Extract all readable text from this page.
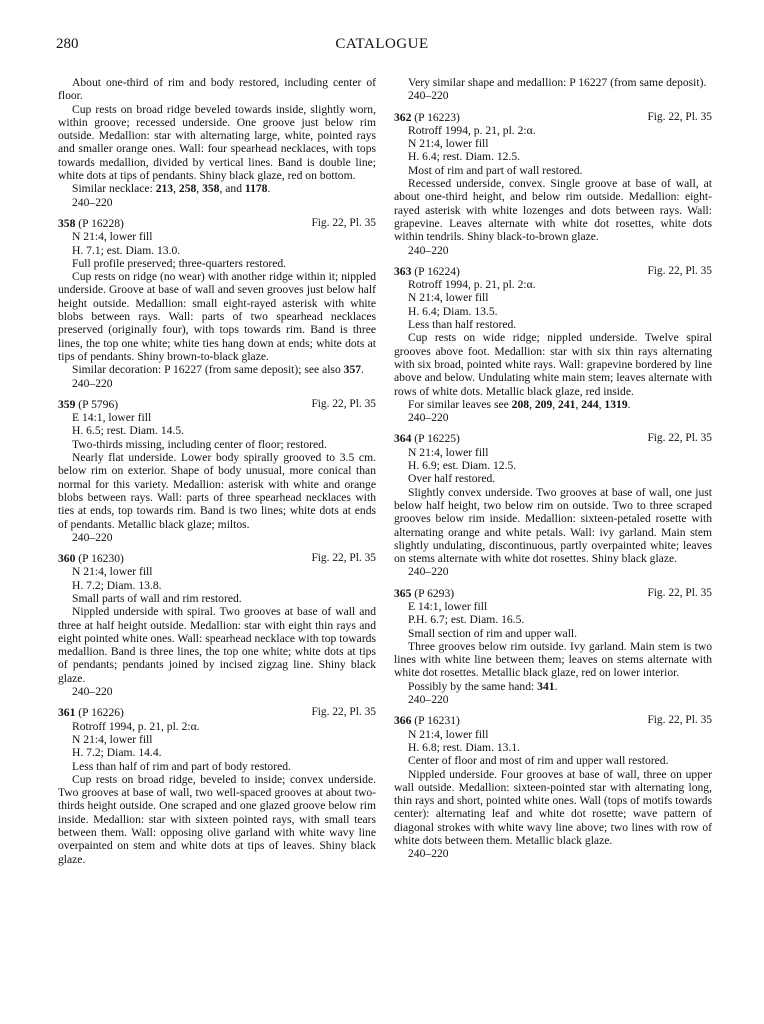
280	CATALOGUE

About one-third of rim and body restored, including center of floor.

Cup rests on broad ridge beveled towards inside, slightly worn, within groove; recessed underside. One groove just below rim outside. Medallion: star with alternating large, white, pointed rays and smaller orange ones. Wall: four spearhead necklaces, with tops towards medallion, divided by vertical lines. Band is double line; white dots at tips of pendants. Shiny black glaze, red on bottom.

Similar necklace: 213, 258, 358, and 1178.

240–220

358 (P 16228)	Fig. 22, Pl. 35

N 21:4, lower fill

H. 7.1; est. Diam. 13.0.

Full profile preserved; three-quarters restored.

Cup rests on ridge (no wear) with another ridge within it; nippled underside. Groove at base of wall and seven grooves just below half height outside. Medallion: small eight-rayed asterisk with white blobs between rays. Wall: parts of two spearhead necklaces preserved (originally four), with tops towards rim. Band is three lines, the top one white; white ties hang down at ends; white dots at tips of pendants. Shiny brown-to-black glaze.

Similar decoration: P 16227 (from same deposit); see also 357.

240–220

359 (P 5796)	Fig. 22, Pl. 35

E 14:1, lower fill

H. 6.5; rest. Diam. 14.5.

Two-thirds missing, including center of floor; restored.

Nearly flat underside. Lower body spirally grooved to 3.5 cm. below rim on exterior. Shape of body unusual, more conical than normal for this variety. Medallion: asterisk with white and orange blobs between rays. Wall: parts of three spearhead necklaces with ties at ends, top towards rim. Band is two lines; white dots at ends of pendants. Metallic black glaze; miltos.

240–220

360 (P 16230)	Fig. 22, Pl. 35

N 21:4, lower fill

H. 7.2; Diam. 13.8.

Small parts of wall and rim restored.

Nippled underside with spiral. Two grooves at base of wall and three at half height outside. Medallion: star with eight thin rays and eight pointed white ones. Wall: spearhead necklace with top towards medallion. Band is three lines, the top one white; white dots at tips of pendants; pendants joined by incised zigzag line. Shiny black glaze.

240–220

361 (P 16226)	Fig. 22, Pl. 35

Rotroff 1994, p. 21, pl. 2:α.

N 21:4, lower fill

H. 7.2; Diam. 14.4.

Less than half of rim and part of body restored.

Cup rests on broad ridge, beveled to inside; convex underside. Two grooves at base of wall, two well-spaced grooves at about two-thirds height outside. One scraped and one glazed groove below rim inside. Medallion: star with sixteen pointed rays, with small tears between them. Wall: opposing olive garland with white wavy line overpainted on stem and white dots at tips of leaves. Shiny black glaze.

Very similar shape and medallion: P 16227 (from same deposit).

240–220

362 (P 16223)	Fig. 22, Pl. 35

Rotroff 1994, p. 21, pl. 2:α.

N 21:4, lower fill

H. 6.4; rest. Diam. 12.5.

Most of rim and part of wall restored.

Recessed underside, convex. Single groove at base of wall, at about one-third height, and below rim outside. Medallion: eight-rayed asterisk with white lozenges and dots between rays. Wall: grapevine. Leaves alternate with white dot rosettes, white dots within tendrils. Shiny black-to-brown glaze.

240–220

363 (P 16224)	Fig. 22, Pl. 35

Rotroff 1994, p. 21, pl. 2:α.

N 21:4, lower fill

H. 6.4; Diam. 13.5.

Less than half restored.

Cup rests on wide ridge; nippled underside. Twelve spiral grooves above foot. Medallion: star with six thin rays alternating with six broad, pointed white rays. Wall: grapevine bordered by line above and below. Undulating white main stem; leaves alternate with rows of white dots. Metallic black glaze, red inside.

For similar leaves see 208, 209, 241, 244, 1319.

240–220

364 (P 16225)	Fig. 22, Pl. 35

N 21:4, lower fill

H. 6.9; est. Diam. 12.5.

Over half restored.

Slightly convex underside. Two grooves at base of wall, one just below half height, two below rim on outside. Two to three scraped grooves below rim inside. Medallion: sixteen-petaled rosette with alternating orange and white petals. Wall: ivy garland. Main stem slightly undulating, discontinuous, partly overpainted white; leaves on stems alternate with white dot rosettes. Shiny black glaze.

240–220

365 (P 6293)	Fig. 22, Pl. 35

E 14:1, lower fill

P.H. 6.7; est. Diam. 16.5.

Small section of rim and upper wall.

Three grooves below rim outside. Ivy garland. Main stem is two lines with white line between them; leaves on stems alternate with white dot rosettes. Metallic black glaze, red on lower interior.

Possibly by the same hand: 341.

240–220

366 (P 16231)	Fig. 22, Pl. 35

N 21:4, lower fill

H. 6.8; rest. Diam. 13.1.

Center of floor and most of rim and upper wall restored.

Nippled underside. Four grooves at base of wall, three on upper wall outside. Medallion: sixteen-pointed star with alternating long, thin rays and short, pointed white ones. Wall (tops of motifs towards center): alternating leaf and white dot rosette; wave pattern of diagonal strokes with white wavy line above; two lines with row of white dots between them. Metallic black glaze.

240–220
